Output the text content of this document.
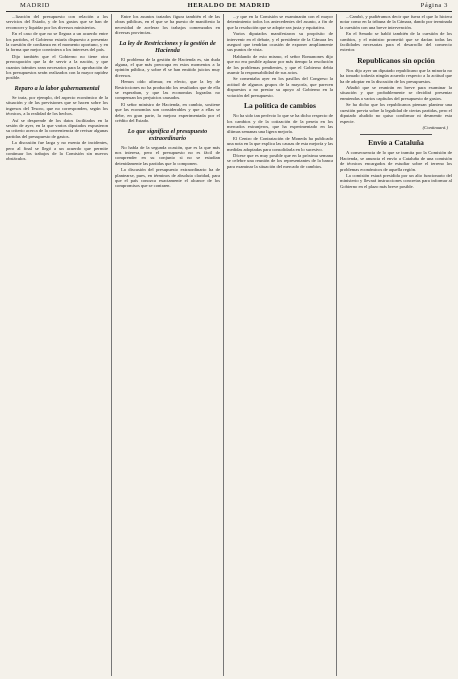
MADRID	HERALDO DE MADRID	Página 3

...lización del presupuesto con relación a los servicios del Estado, y de los gastos que se han de reconocer y liquidar por los diversos ministerios.

En el caso de que no se llegara a un acuerdo entre los partidos, el Gobierno estaría dispuesto a presentar la cuestión de confianza en el momento oportuno, y en la forma que mejor conviniera a los intereses del país.

Dijo también que el Gobierno no tiene otra preocupación que la de servir a la nación, y que cuantos trámites sean necesarios para la aprobación de los presupuestos serán realizados con la mayor rapidez posible.

Reparo a la labor gubernamental

Se trata, por ejemplo, del aspecto económico de la situación y de las previsiones que se hacen sobre los ingresos del Tesoro, que no corresponden, según los técnicos, a la realidad de los hechos.

Así se desprende de los datos facilitados en la sesión de ayer, en la que varios diputados expusieron su criterio acerca de la conveniencia de revisar algunas partidas del presupuesto de gastos.

La discusión fue larga y no exenta de incidentes, pero al final se llegó a un acuerdo que permite continuar los trabajos de la Comisión sin nuevos obstáculos.

Entre los asuntos tratados figura también el de las obras públicas, en el que se ha puesto de manifiesto la necesidad de acelerar los trabajos comenzados en diversas provincias.

La ley de Restricciones y la gestión de Hacienda

El problema de la gestión de Hacienda es, sin duda alguna, el que más preocupa en estos momentos a la opinión pública, y sobre él se han emitido juicios muy diversos.

Hemos oído afirmar, en efecto, que la ley de Restricciones no ha producido los resultados que de ella se esperaban, y que las economías logradas no compensan los perjuicios causados.

El señor ministro de Hacienda, en cambio, sostiene que las economías son considerables y que a ellas se debe, en gran parte, la mejora experimentada por el crédito del Estado.

Lo que significa el presupuesto extraordinario

No habla de la segunda ocasión, que es la que más nos interesa, pero el presupuesto no es fácil de comprender en su conjunto si no se estudian detenidamente las partidas que lo componen.

La discusión del presupuesto extraordinario ha de plantearse, pues, en términos de absoluta claridad, para que el país conozca exactamente el alcance de los compromisos que se contraen.

...y que en la Comisión se examinarán con el mayor detenimiento todos los antecedentes del asunto, a fin de que la resolución que se adopte sea justa y equitativa.

Varios diputados manifestaron su propósito de intervenir en el debate, y el presidente de la Cámara les aseguró que tendrían ocasión de exponer ampliamente sus puntos de vista.

Hablando de esto mismo, el señor Romanones dijo que no era posible aplazar por más tiempo la resolución de los problemas pendientes, y que el Gobierno debía asumir la responsabilidad de sus actos.

Se comentaba ayer en los pasillos del Congreso la actitud de algunos grupos de la mayoría, que parecen dispuestos a no prestar su apoyo al Gobierno en la votación del presupuesto.

La política de cambios

No ha sido tan perfecto lo que se ha dicho respecto de los cambios y de la cotización de la peseta en los mercados extranjeros, que ha experimentado en las últimas semanas una ligera mejoría.

El Centro de Contratación de Moneda ha publicado una nota en la que explica las causas de esta mejoría y las medidas adoptadas para consolidarla en lo sucesivo.

Dícese que es muy posible que en la próxima semana se celebre una reunión de los representantes de la banca para examinar la situación del mercado de cambios.

...Cambó, y pudiéramos decir que fuera el que lo hiciera notar como en la tribuna de la Cámara, dando por terminada la cuestión con una breve intervención.

En el Senado se habló también de la cuestión de los cambios, y el ministro prometió que se darían todas las facilidades necesarias para el desarrollo del comercio exterior.

Republicanos sin opción

Nos dijo ayer un diputado republicano que la minoría no ha tomado todavía ningún acuerdo respecto a la actitud que ha de adoptar en la discusión de los presupuestos.

Añadió que se reunirán en breve para examinar la situación y que probablemente se decidirá presentar enmiendas a varios capítulos del presupuesto de gastos.

Se ha dicho que los republicanos piensan plantear una cuestión previa sobre la legalidad de ciertas partidas, pero el diputado aludido no quiso confirmar ni desmentir esta especie.

(Continuará.)
Envío a Cataluña

A consecuencia de lo que se tramita por la Comisión de Hacienda, se anuncia el envío a Cataluña de una comisión de técnicos encargados de estudiar sobre el terreno los problemas económicos de aquella región.

La comisión estará presidida por un alto funcionario del ministerio y llevará instrucciones concretas para informar al Gobierno en el plazo más breve posible.
